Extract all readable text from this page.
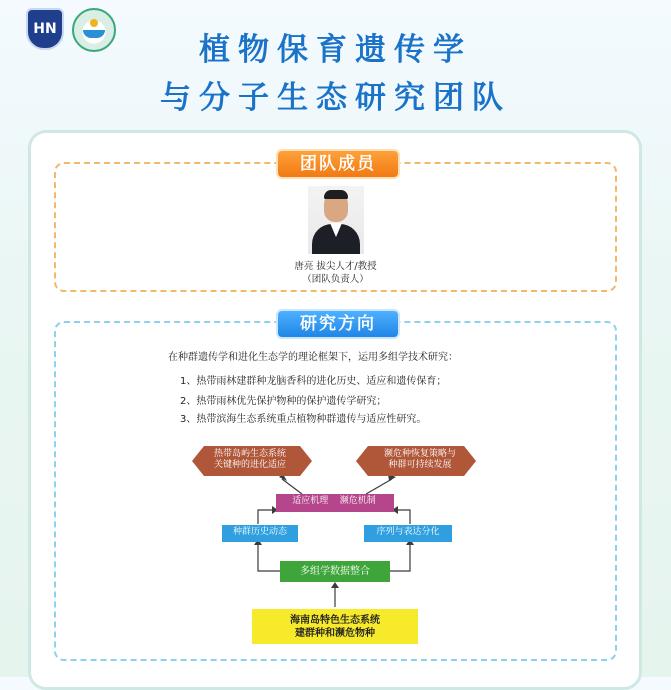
HN
植物保育遗传学
与分子生态研究团队
团队成员
唐亮 拔尖人才/教授
（团队负责人）
研究方向
在种群遗传学和进化生态学的理论框架下，运用多组学技术研究：
1、热带雨林建群种龙脑香科的进化历史、适应和遗传保育；
2、热带雨林优先保护物种的保护遗传学研究；
3、热带滨海生态系统重点植物种群遗传与适应性研究。
热带岛屿生态系统
关键种的进化适应
濒危种恢复策略与
种群可持续发展
适应机理    濒危机制
种群历史动态	序列与表达分化
多组学数据整合
海南岛特色生态系统
建群种和濒危物种
